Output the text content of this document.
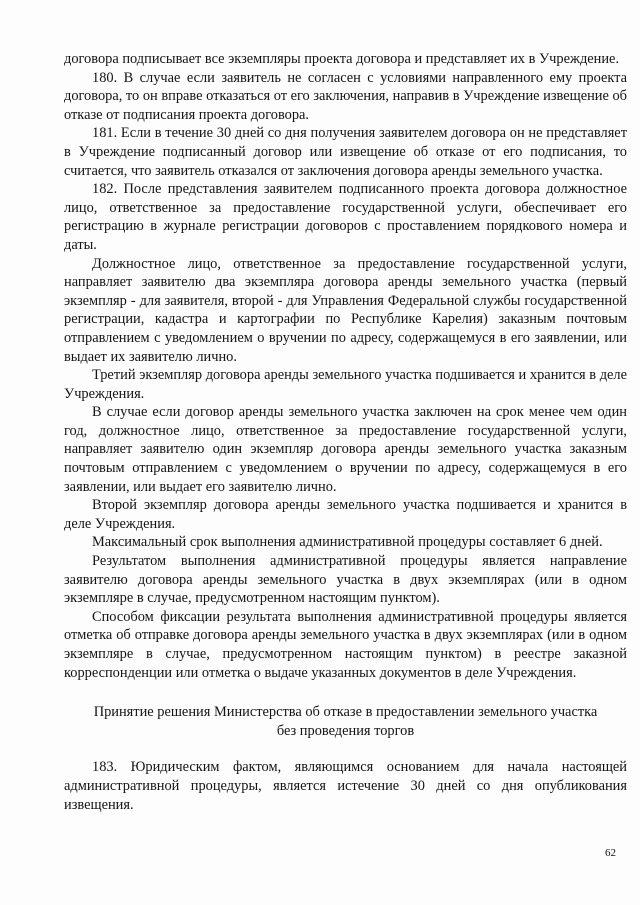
договора подписывает все экземпляры проекта договора и представляет их в Учреждение.

180. В случае если заявитель не согласен с условиями направленного ему проекта договора, то он вправе отказаться от его заключения, направив в Учреждение извещение об отказе от подписания проекта договора.

181. Если в течение 30 дней со дня получения заявителем договора он не представляет в Учреждение подписанный договор или извещение об отказе от его подписания, то считается, что заявитель отказался от заключения договора аренды земельного участка.

182. После представления заявителем подписанного проекта договора должностное лицо, ответственное за предоставление государственной услуги, обеспечивает его регистрацию в журнале регистрации договоров с проставлением порядкового номера и даты.

Должностное лицо, ответственное за предоставление государственной услуги, направляет заявителю два экземпляра договора аренды земельного участка (первый экземпляр - для заявителя, второй - для Управления Федеральной службы государственной регистрации, кадастра и картографии по Республике Карелия) заказным почтовым отправлением с уведомлением о вручении по адресу, содержащемуся в его заявлении, или выдает их заявителю лично.

Третий экземпляр договора аренды земельного участка подшивается и хранится в деле Учреждения.

В случае если договор аренды земельного участка заключен на срок менее чем один год, должностное лицо, ответственное за предоставление государственной услуги, направляет заявителю один экземпляр договора аренды земельного участка заказным почтовым отправлением с уведомлением о вручении по адресу, содержащемуся в его заявлении, или выдает его заявителю лично.

Второй экземпляр договора аренды земельного участка подшивается и хранится в деле Учреждения.

Максимальный срок выполнения административной процедуры составляет 6 дней.

Результатом выполнения административной процедуры является направление заявителю договора аренды земельного участка в двух экземплярах (или в одном экземпляре в случае, предусмотренном настоящим пунктом).

Способом фиксации результата выполнения административной процедуры является отметка об отправке договора аренды земельного участка в двух экземплярах (или в одном экземпляре в случае, предусмотренном настоящим пунктом) в реестре заказной корреспонденции или отметка о выдаче указанных документов в деле Учреждения.

Принятие решения Министерства об отказе в предоставлении земельного участка
без проведения торгов

183. Юридическим фактом, являющимся основанием для начала настоящей административной процедуры, является истечение 30 дней со дня опубликования извещения.

62
